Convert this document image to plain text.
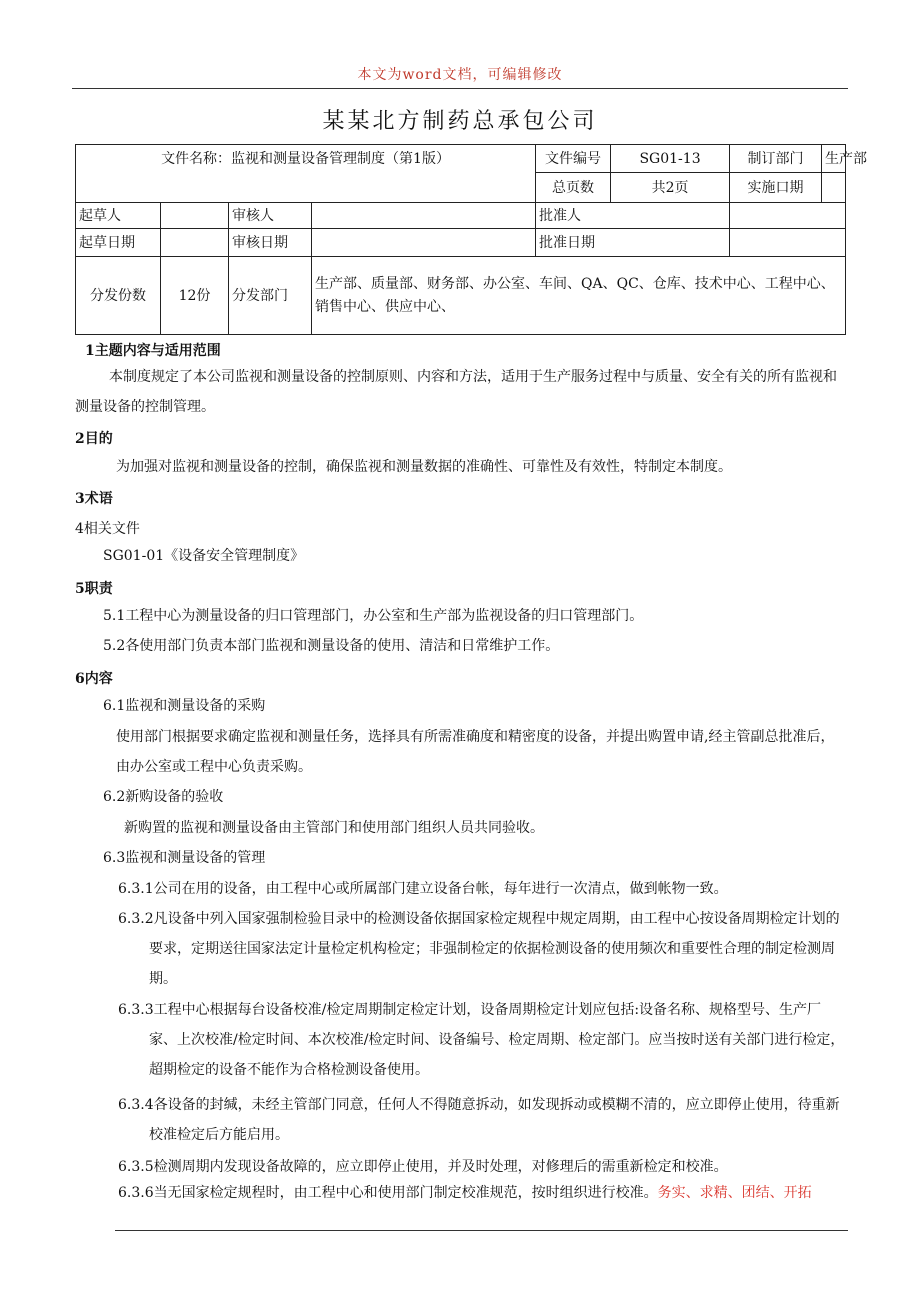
本文为word文档，可编辑修改
某某北方制药总承包公司
文件名称：监视和测量设备管理制度（第1版）				文件编号	SG01-13	制订部门	生产部
				总页数	共2页	实施口期	
起草人		审核人		批准人			
起草日期		审核日期		批准日期			
分发份数	12份	分发部门	生产部、质量部、财务部、办公室、车间、QA、QC、仓库、技术中心、工程中心、销售中心、供应中心、				
1主题内容与适用范围
本制度规定了本公司监视和测量设备的控制原则、内容和方法，适用于生产服务过程中与质量、安全有关的所有监视和测量设备的控制管理。
2目的
为加强对监视和测量设备的控制，确保监视和测量数据的准确性、可靠性及有效性，特制定本制度。
3术语
4相关文件
SG01-01《设备安全管理制度》
5职责
5.1工程中心为测量设备的归口管理部门，办公室和生产部为监视设备的归口管理部门。
5.2各使用部门负责本部门监视和测量设备的使用、清洁和日常维护工作。
6内容
6.1监视和测量设备的采购
使用部门根据要求确定监视和测量任务，选择具有所需准确度和精密度的设备，并提出购置申请,经主管副总批准后，由办公室或工程中心负责采购。
6.2新购设备的验收
新购置的监视和测量设备由主管部门和使用部门组织人员共同验收。
6.3监视和测量设备的管理
6.3.1公司在用的设备，由工程中心或所属部门建立设备台帐，每年进行一次清点，做到帐物一致。
6.3.2凡设备中列入国家强制检验目录中的检测设备依据国家检定规程中规定周期，由工程中心按设备周期检定计划的要求，定期送往国家法定计量检定机构检定；非强制检定的依据检测设备的使用频次和重要性合理的制定检测周期。
6.3.3工程中心根据每台设备校准/检定周期制定检定计划，设备周期检定计划应包括:设备名称、规格型号、生产厂家、上次校准/检定时间、本次校准/检定时间、设备编号、检定周期、检定部门。应当按时送有关部门进行检定，超期检定的设备不能作为合格检测设备使用。
6.3.4各设备的封缄，未经主管部门同意，任何人不得随意拆动，如发现拆动或模糊不清的，应立即停止使用，待重新校准检定后方能启用。
6.3.5检测周期内发现设备故障的，应立即停止使用，并及时处理，对修理后的需重新检定和校准。
6.3.6当无国家检定规程时，由工程中心和使用部门制定校准规范，按时组织进行校准。务实、求精、团结、开拓
